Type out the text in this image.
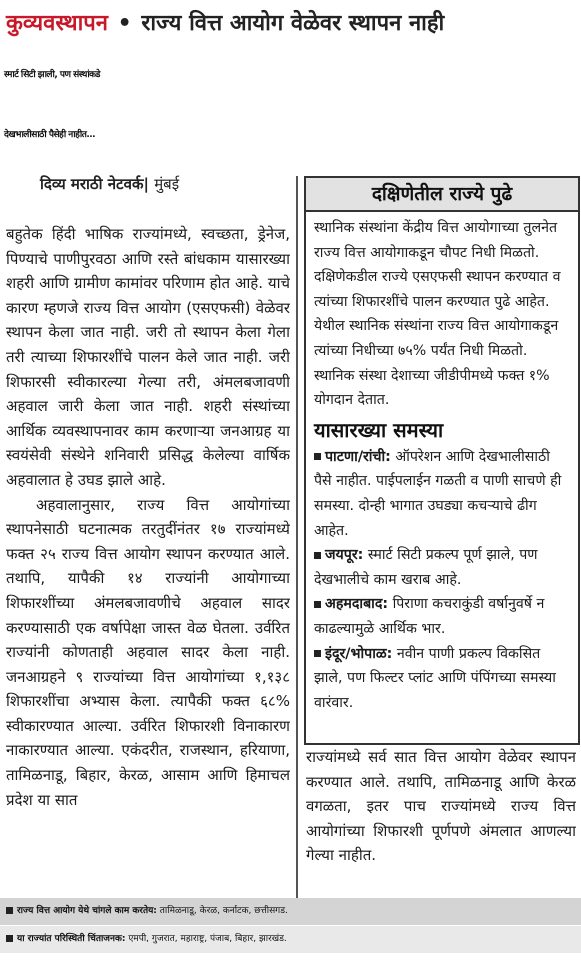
कुव्यवस्थापन • राज्य वित्त आयोग वेळेवर स्थापन नाही
स्मार्ट सिटी झाली, पण संस्थांकडे
देखभालीसाठी पैसेही नाहीत...
दिव्य मराठी नेटवर्क| मुंबई

बहुतेक हिंदी भाषिक राज्यांमध्ये, स्वच्छता, ड्रेनेज, पिण्याचे पाणीपुरवठा आणि रस्ते बांधकाम यासारख्या शहरी आणि ग्रामीण कामांवर परिणाम होत आहे. याचे कारण म्हणजे राज्य वित्त आयोग (एसएफसी) वेळेवर स्थापन केला जात नाही. जरी तो स्थापन केला गेला तरी त्याच्या शिफारशींचे पालन केले जात नाही. जरी शिफारसी स्वीकारल्या गेल्या तरी, अंमलबजावणी अहवाल जारी केला जात नाही. शहरी संस्थांच्या आर्थिक व्यवस्थापनावर काम करणाऱ्या जनआग्रह या स्वयंसेवी संस्थेने शनिवारी प्रसिद्ध केलेल्या वार्षिक अहवालात हे उघड झाले आहे.

अहवालानुसार, राज्य वित्त आयोगांच्या स्थापनेसाठी घटनात्मक तरतुदींनंतर १७ राज्यांमध्ये फक्त २५ राज्य वित्त आयोग स्थापन करण्यात आले. तथापि, यापैकी १४ राज्यांनी आयोगाच्या शिफारशींच्या अंमलबजावणीचे अहवाल सादर करण्यासाठी एक वर्षापेक्षा जास्त वेळ घेतला. उर्वरित राज्यांनी कोणताही अहवाल सादर केला नाही. जनआग्रहने ९ राज्यांच्या वित्त आयोगांच्या १,१३८ शिफारशींचा अभ्यास केला. त्यापैकी फक्त ६८% स्वीकारण्यात आल्या. उर्वरित शिफारशी विनाकारण नाकारण्यात आल्या. एकंदरीत, राजस्थान, हरियाणा, तामिळनाडू, बिहार, केरळ, आसाम आणि हिमाचल प्रदेश या सात

दक्षिणेतील राज्ये पुढे

स्थानिक संस्थांना केंद्रीय वित्त आयोगाच्या तुलनेत राज्य वित्त आयोगाकडून चौपट निधी मिळतो. दक्षिणेकडील राज्ये एसएफसी स्थापन करण्यात व त्यांच्या शिफारशींचे पालन करण्यात पुढे आहेत. येथील स्थानिक संस्थांना राज्य वित्त आयोगाकडून त्यांच्या निधीच्या ७५% पर्यंत निधी मिळतो. स्थानिक संस्था देशाच्या जीडीपीमध्ये फक्त १% योगदान देतात.

यासारख्या समस्या

पाटणा/रांची: ऑपरेशन आणि देखभालीसाठी पैसे नाहीत. पाईपलाईन गळती व पाणी साचणे ही समस्या. दोन्ही भागात उघड्या कचऱ्याचे ढीग आहेत.

जयपूर: स्मार्ट सिटी प्रकल्प पूर्ण झाले, पण देखभालीचे काम खराब आहे.

अहमदाबाद: पिराणा कचराकुंडी वर्षानुवर्षे न काढल्यामुळे आर्थिक भार.

इंदूर/भोपाळ: नवीन पाणी प्रकल्प विकसित झाले, पण फिल्टर प्लांट आणि पंपिंगच्या समस्या वारंवार.

राज्यांमध्ये सर्व सात वित्त आयोग वेळेवर स्थापन करण्यात आले. तथापि, तामिळनाडू आणि केरळ वगळता, इतर पाच राज्यांमध्ये राज्य वित्त आयोगांच्या शिफारशी पूर्णपणे अंमलात आणल्या गेल्या नाहीत.
राज्य वित्त आयोग येथे चांगले काम करतेय: तामिळनाडू, केरळ, कर्नाटक, छत्तीसगड.
या राज्यांत परिस्थिती चिंताजनक: एमपी, गुजरात, महाराष्ट्र, पंजाब, बिहार, झारखंड.
